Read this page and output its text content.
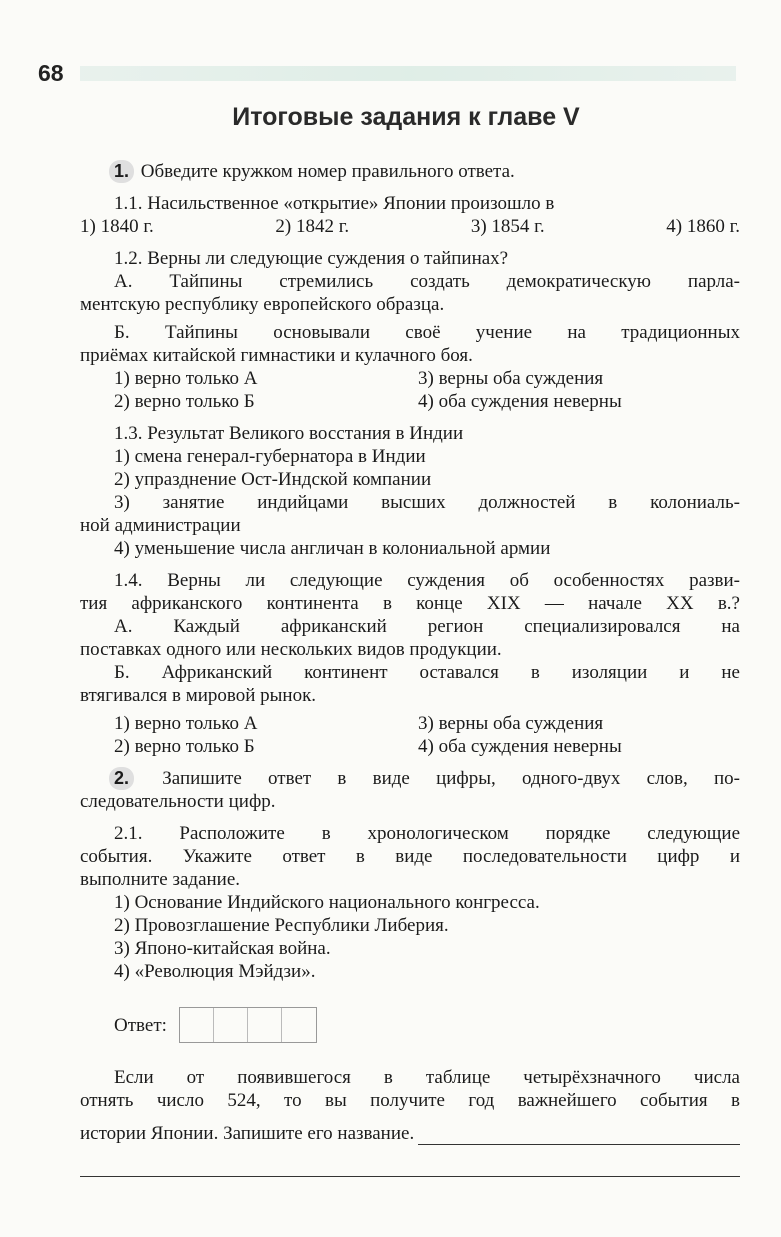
68
Итоговые задания к главе V
1. Обведите кружком номер правильного ответа.
1.1. Насильственное «открытие» Японии произошло в
1) 1840 г.	2) 1842 г.	3) 1854 г.	4) 1860 г.
1.2. Верны ли следующие суждения о тайпинах?
А. Тайпины стремились создать демократическую парла-
ментскую республику европейского образца.
Б. Тайпины основывали своё учение на традиционных
приёмах китайской гимнастики и кулачного боя.
1) верно только А	3) верны оба суждения
2) верно только Б	4) оба суждения неверны
1.3. Результат Великого восстания в Индии
1) смена генерал-губернатора в Индии
2) упразднение Ост-Индской компании
3) занятие индийцами высших должностей в колониаль-
ной администрации
4) уменьшение числа англичан в колониальной армии
1.4. Верны ли следующие суждения об особенностях разви-
тия африканского континента в конце XIX — начале XX в.?
А. Каждый африканский регион специализировался на
поставках одного или нескольких видов продукции.
Б. Африканский континент оставался в изоляции и не
втягивался в мировой рынок.
1) верно только А	3) верны оба суждения
2) верно только Б	4) оба суждения неверны
2. Запишите ответ в виде цифры, одного-двух слов, по-
следовательности цифр.
2.1. Расположите в хронологическом порядке следующие
события. Укажите ответ в виде последовательности цифр и
выполните задание.
1) Основание Индийского национального конгресса.
2) Провозглашение Республики Либерия.
3) Японо-китайская война.
4) «Революция Мэйдзи».
Ответ:
Если от появившегося в таблице четырёхзначного числа
отнять число 524, то вы получите год важнейшего события в
истории Японии. Запишите его название.
